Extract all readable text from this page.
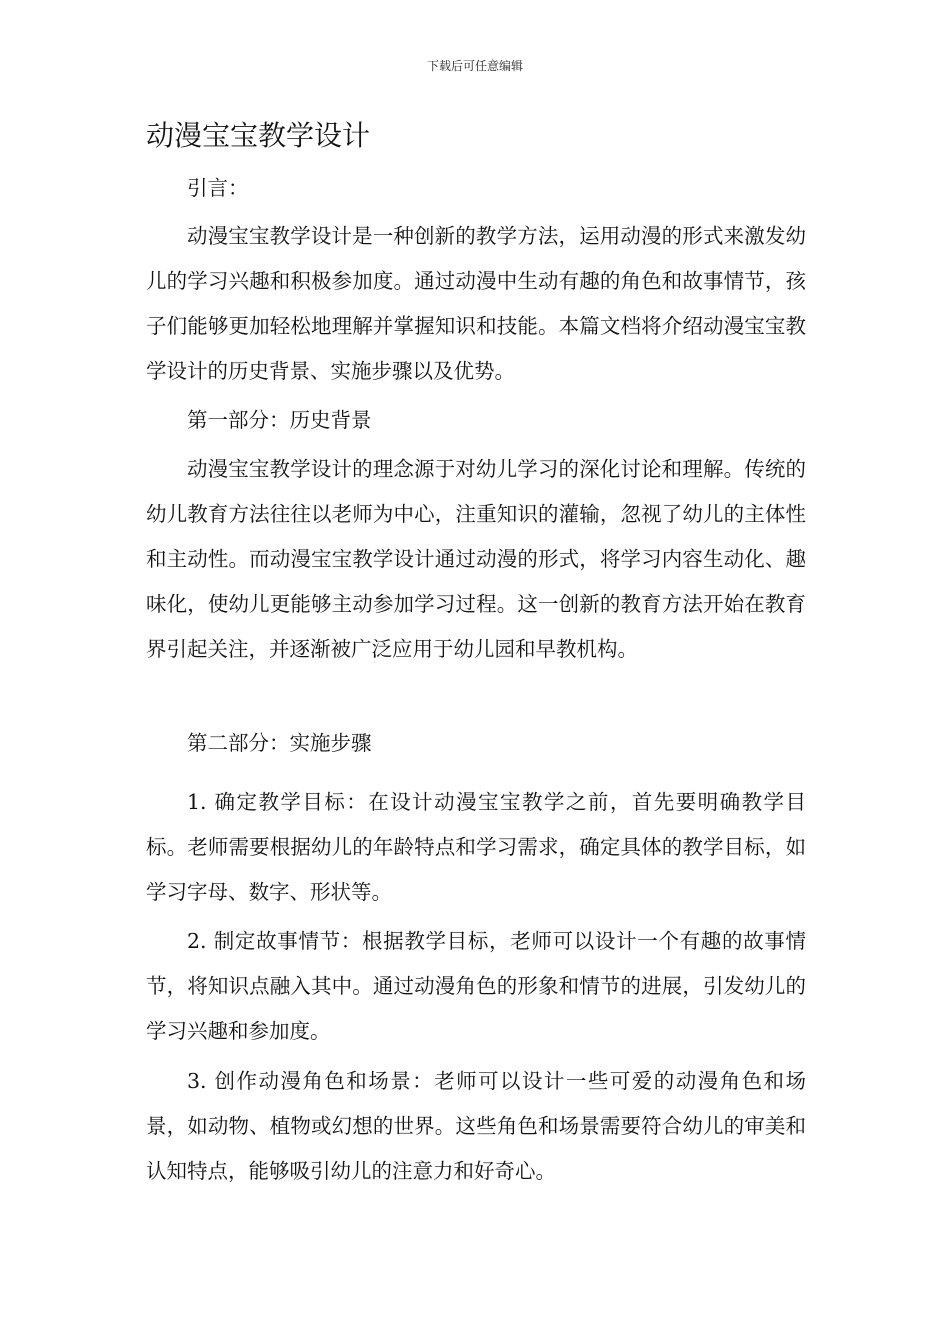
下载后可任意编辑
动漫宝宝教学设计

引言：

动漫宝宝教学设计是一种创新的教学方法，运用动漫的形式来激发幼儿的学习兴趣和积极参加度。通过动漫中生动有趣的角色和故事情节，孩子们能够更加轻松地理解并掌握知识和技能。本篇文档将介绍动漫宝宝教学设计的历史背景、实施步骤以及优势。

第一部分：历史背景

动漫宝宝教学设计的理念源于对幼儿学习的深化讨论和理解。传统的幼儿教育方法往往以老师为中心，注重知识的灌输，忽视了幼儿的主体性和主动性。而动漫宝宝教学设计通过动漫的形式，将学习内容生动化、趣味化，使幼儿更能够主动参加学习过程。这一创新的教育方法开始在教育界引起关注，并逐渐被广泛应用于幼儿园和早教机构。

第二部分：实施步骤

1. 确定教学目标：在设计动漫宝宝教学之前，首先要明确教学目标。老师需要根据幼儿的年龄特点和学习需求，确定具体的教学目标，如学习字母、数字、形状等。

2. 制定故事情节：根据教学目标，老师可以设计一个有趣的故事情节，将知识点融入其中。通过动漫角色的形象和情节的进展，引发幼儿的学习兴趣和参加度。

3. 创作动漫角色和场景：老师可以设计一些可爱的动漫角色和场景，如动物、植物或幻想的世界。这些角色和场景需要符合幼儿的审美和认知特点，能够吸引幼儿的注意力和好奇心。
